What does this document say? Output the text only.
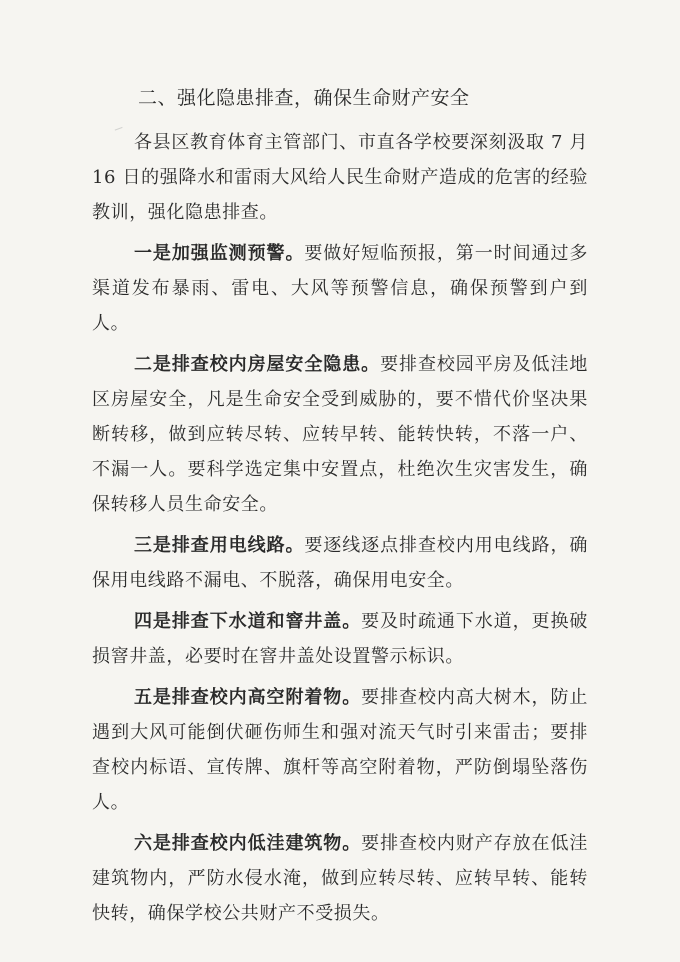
二、强化隐患排查，确保生命财产安全

各县区教育体育主管部门、市直各学校要深刻汲取 7 月 16 日的强降水和雷雨大风给人民生命财产造成的危害的经验教训，强化隐患排查。

一是加强监测预警。要做好短临预报，第一时间通过多渠道发布暴雨、雷电、大风等预警信息，确保预警到户到人。

二是排查校内房屋安全隐患。要排查校园平房及低洼地区房屋安全，凡是生命安全受到威胁的，要不惜代价坚决果断转移，做到应转尽转、应转早转、能转快转，不落一户、不漏一人。要科学选定集中安置点，杜绝次生灾害发生，确保转移人员生命安全。

三是排查用电线路。要逐线逐点排查校内用电线路，确保用电线路不漏电、不脱落，确保用电安全。

四是排查下水道和窨井盖。要及时疏通下水道，更换破损窨井盖，必要时在窨井盖处设置警示标识。

五是排查校内高空附着物。要排查校内高大树木，防止遇到大风可能倒伏砸伤师生和强对流天气时引来雷击；要排查校内标语、宣传牌、旗杆等高空附着物，严防倒塌坠落伤人。

六是排查校内低洼建筑物。要排查校内财产存放在低洼建筑物内，严防水侵水淹，做到应转尽转、应转早转、能转快转，确保学校公共财产不受损失。
